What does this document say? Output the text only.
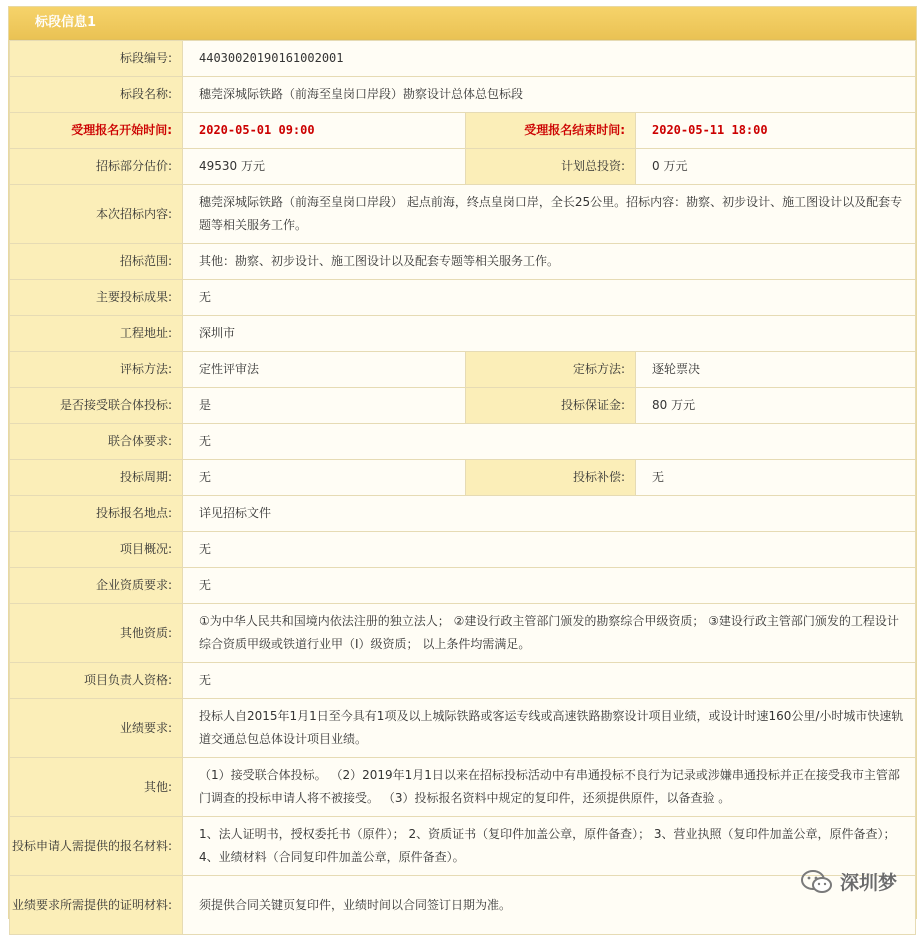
标段信息1
标段编号:	440300201901610020​01		
标段名称:	穗莞深城际铁路（前海至皇岗口岸段）勘察设计总体总包标段		
受理报名开始时间:	2020-05-01 09:00	受理报名结束时间:	2020-05-11 18:00
招标部分估价:	49530 万元	计划总投资:	0 万元
本次招标内容:	穗莞深城际铁路（前海至皇岗口岸段） 起点前海，终点皇岗口岸，全长25公里。招标内容：勘察、初步设计、施工图设计以及配套专题等相关服务工作。		
招标范围:	其他：勘察、初步设计、施工图设计以及配套专题等相关服务工作。		
主要投标成果:	无		
工程地址:	深圳市		
评标方法:	定性评审法	定标方法:	逐轮票决
是否接受联合体投标:	是	投标保证金:	80 万元
联合体要求:	无		
投标周期:	无	投标补偿:	无
投标报名地点:	详见招标文件		
项目概况:	无		
企业资质要求:	无		
其他资质:	①为中华人民共和国境内依法注册的独立法人； ②建设行政主管部门颁发的勘察综合甲级资质； ③建设行政主管部门颁发的工程设计综合资质甲级或铁道行业甲（Ⅰ）级资质； 以上条件均需满足。		
项目负责人资格:	无		
业绩要求:	投标人自2015年1月1日至今具有1项及以上城际铁路或客运专线或高速铁路勘察设计项目业绩，或设计时速160公里/小时城市快速轨道交通总包总体设计项目业绩。		
其他:	（1）接受联合体投标。 （2）2019年1月1日以来在招标投标活动中有串通投标不良行为记录或涉嫌串通投标并正在接受我市主管部门调查的投标申请人将不被接受。 （3）投标报名资料中规定的复印件，还须提供原件，以备查验 。		
投标申请人需提供的报名材料:	1、法人证明书，授权委托书（原件）； 2、资质证书（复印件加盖公章，原件备查）； 3、营业执照（复印件加盖公章，原件备查）； 4、业绩材料（合同复印件加盖公章，原件备查）。		
业绩要求所需提供的证明材料:	须提供合同关键页复印件，业绩时间以合同签订日期为准。		
深圳梦
